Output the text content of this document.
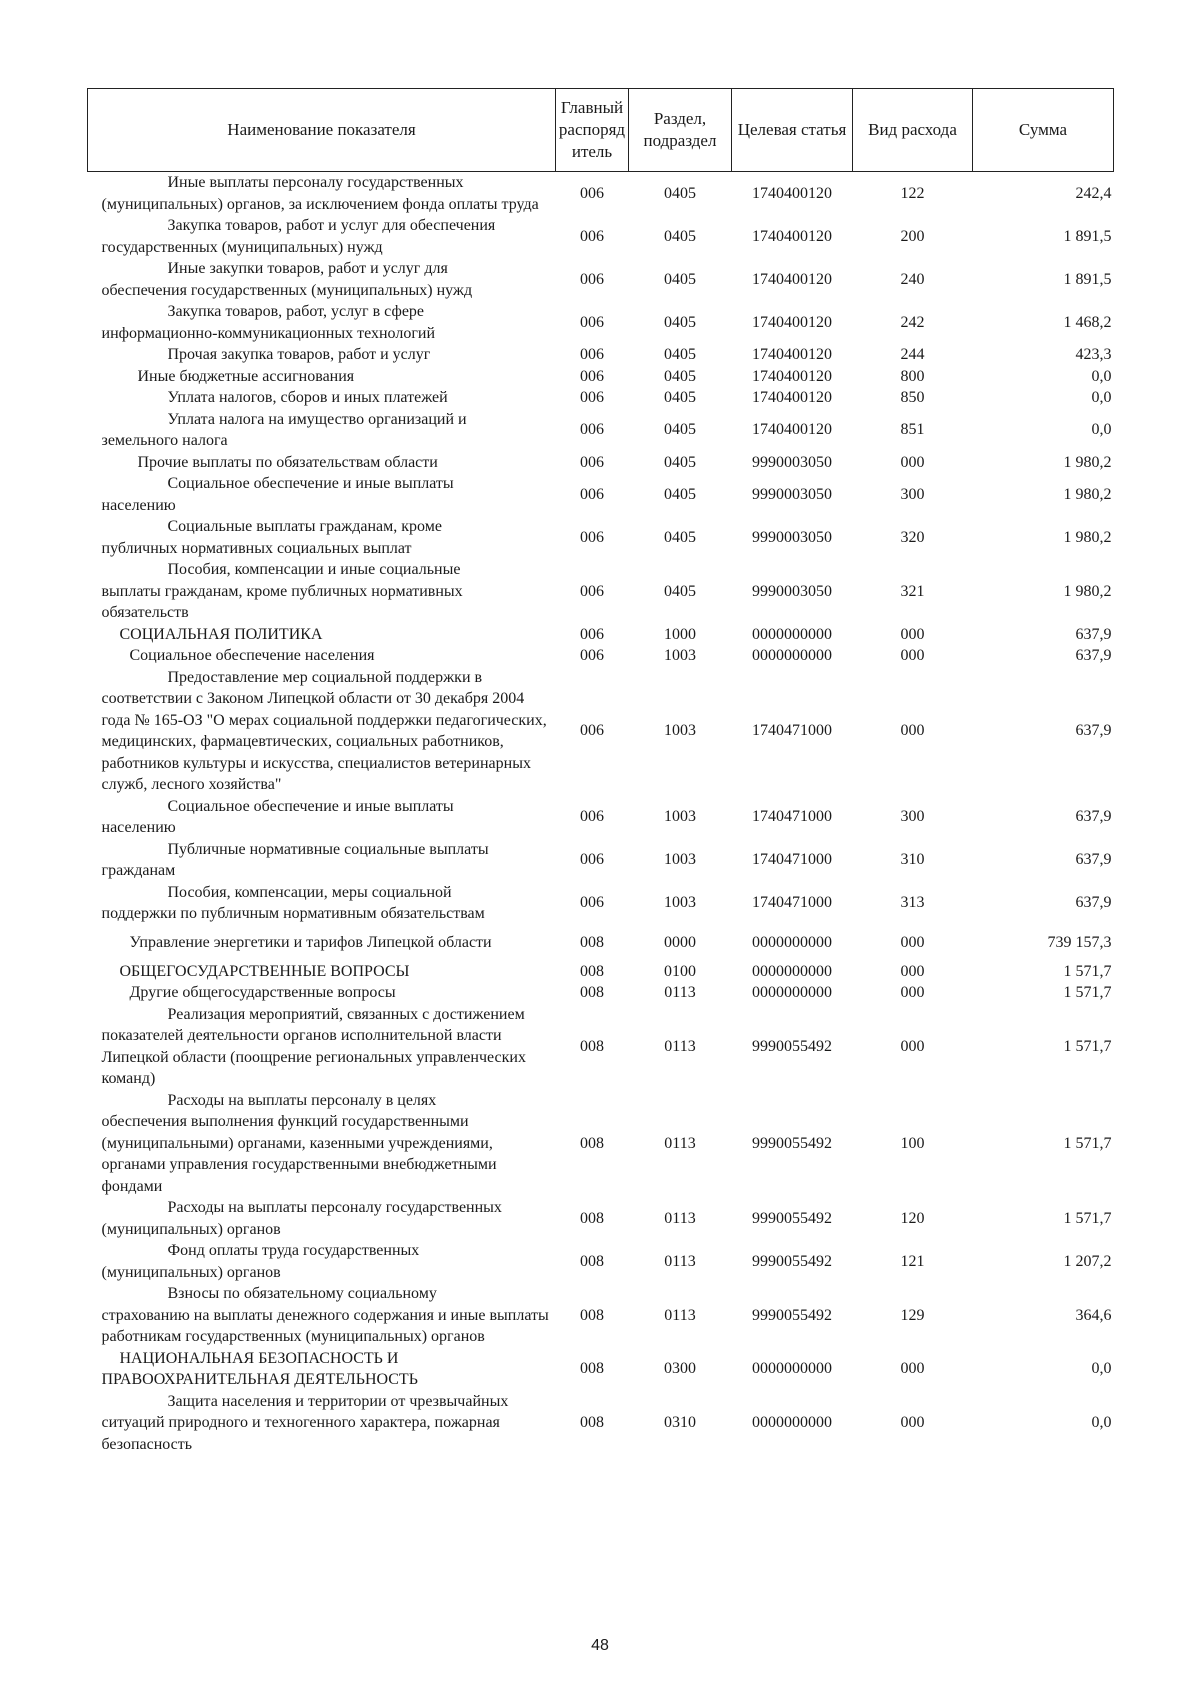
Наименование показателя	Главный распоряд итель	Раздел, подраздел	Целевая статья	Вид расхода	Сумма

Иные выплаты персоналу государственных
(муниципальных) органов, за исключением фонда оплаты труда	006	0405	1740400120	122	242,4

Закупка товаров, работ и услуг для обеспечения
государственных (муниципальных) нужд	006	0405	1740400120	200	1 891,5

Иные закупки товаров, работ и услуг для
обеспечения государственных (муниципальных) нужд	006	0405	1740400120	240	1 891,5

Закупка товаров, работ, услуг в сфере
информационно-коммуникационных технологий	006	0405	1740400120	242	1 468,2

Прочая закупка товаров, работ и услуг	006	0405	1740400120	244	423,3
Иные бюджетные ассигнования	006	0405	1740400120	800	0,0

Уплата налогов, сборов и иных платежей	006	0405	1740400120	850	0,0

Уплата налога на имущество организаций и
земельного налога	006	0405	1740400120	851	0,0
Прочие выплаты по обязательствам области	006	0405	9990003050	000	1 980,2

Социальное обеспечение и иные выплаты
населению	006	0405	9990003050	300	1 980,2

Социальные выплаты гражданам, кроме
публичных нормативных социальных выплат	006	0405	9990003050	320	1 980,2

Пособия, компенсации и иные социальные
выплаты гражданам, кроме публичных нормативных обязательств	006	0405	9990003050	321	1 980,2
СОЦИАЛЬНАЯ ПОЛИТИКА	006	1000	0000000000	000	637,9
Социальное обеспечение населения	006	1003	0000000000	000	637,9

Предоставление мер социальной поддержки в
соответствии с Законом Липецкой области от 30 декабря 2004 года № 165-ОЗ "О мерах социальной поддержки педагогических, медицинских, фармацевтических, социальных работников, работников культуры и искусства, специалистов ветеринарных служб, лесного хозяйства"	006	1003	1740471000	000	637,9

Социальное обеспечение и иные выплаты
населению	006	1003	1740471000	300	637,9

Публичные нормативные социальные выплаты
гражданам	006	1003	1740471000	310	637,9

Пособия, компенсации, меры социальной
поддержки по публичным нормативным обязательствам	006	1003	1740471000	313	637,9
Управление энергетики и тарифов Липецкой области	008	0000	0000000000	000	739 157,3
ОБЩЕГОСУДАРСТВЕННЫЕ ВОПРОСЫ	008	0100	0000000000	000	1 571,7
Другие общегосударственные вопросы	008	0113	0000000000	000	1 571,7

Реализация мероприятий, связанных с достижением
показателей деятельности органов исполнительной власти Липецкой области (поощрение региональных управленческих команд)	008	0113	9990055492	000	1 571,7

Расходы на выплаты персоналу в целях
обеспечения выполнения функций государственными (муниципальными) органами, казенными учреждениями, органами управления государственными внебюджетными фондами	008	0113	9990055492	100	1 571,7

Расходы на выплаты персоналу государственных
(муниципальных) органов	008	0113	9990055492	120	1 571,7

Фонд оплаты труда государственных
(муниципальных) органов	008	0113	9990055492	121	1 207,2

Взносы по обязательному социальному
страхованию на выплаты денежного содержания и иные выплаты работникам государственных (муниципальных) органов	008	0113	9990055492	129	364,6

НАЦИОНАЛЬНАЯ БЕЗОПАСНОСТЬ И
ПРАВООХРАНИТЕЛЬНАЯ ДЕЯТЕЛЬНОСТЬ	008	0300	0000000000	000	0,0

Защита населения и территории от чрезвычайных
ситуаций природного и техногенного характера, пожарная безопасность	008	0310	0000000000	000	0,0
48
